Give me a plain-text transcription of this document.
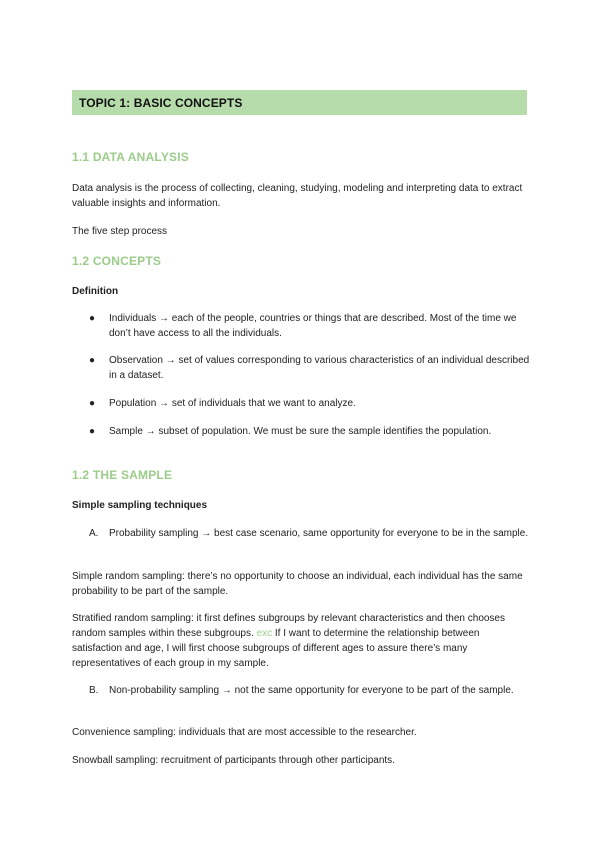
TOPIC 1: BASIC CONCEPTS
1.1 DATA ANALYSIS
Data analysis is the process of collecting, cleaning, studying, modeling and interpreting data to extract valuable insights and information.
The five step process
1.2 CONCEPTS
Definition
● Individuals → each of the people, countries or things that are described. Most of the time we don’t have access to all the individuals.
● Observation → set of values corresponding to various characteristics of an individual described in a dataset.
● Population → set of individuals that we want to analyze.
● Sample → subset of population. We must be sure the sample identifies the population.
1.2 THE SAMPLE
Simple sampling techniques
A. Probability sampling → best case scenario, same opportunity for everyone to be in the sample.
Simple random sampling: there’s no opportunity to choose an individual, each individual has the same probability to be part of the sample.
Stratified random sampling: it first defines subgroups by relevant characteristics and then chooses random samples within these subgroups. exc If I want to determine the relationship between satisfaction and age, I will first choose subgroups of different ages to assure there’s many representatives of each group in my sample.
B. Non-probability sampling → not the same opportunity for everyone to be part of the sample.
Convenience sampling: individuals that are most accessible to the researcher.
Snowball sampling: recruitment of participants through other participants.
